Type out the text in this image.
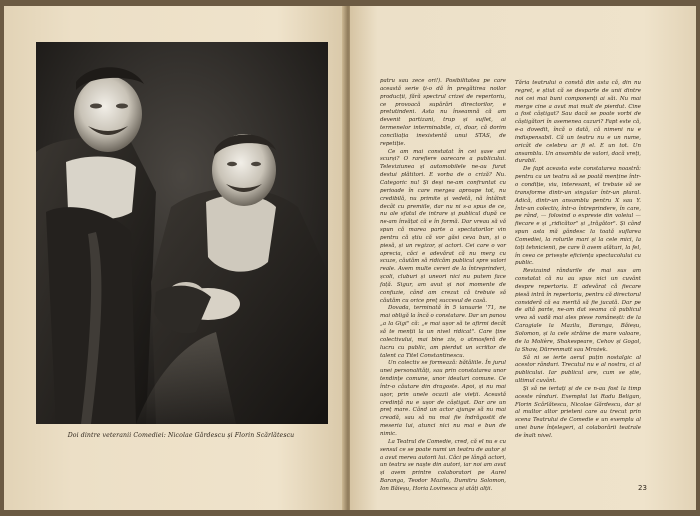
Doi dintre veteranii Comediei: Nicolae Gărdescu și Florin Scărlătescu

patru sau zece ori!). Posibilitatea pe care această serie ți-o dă în pregătirea noilor producții, fără spectrul crizei de repertoriu, ce provoacă supărări directorilor, e pretutindeni. Asta nu înseamnă că am devenit partizani, trup și suflet, ai termenelor interminabile, ci, doar, că dorim conciliația inexistentă unui STAS, de repetiție.

Ce am mai constatat în cei șase ani scurși? O rarefiere oarecare a publicului. Televiziunea și automobilele ne-au furat destui plătitori. E vorba de o criză? Nu. Categoric nu! Și deși ne-am confruntat cu perioade în care mergea aproape tot, nu credibilă, nu primite și vedetă, nă întâlnit decât cu premiile, dar nu ni s-a spus de ce, nu ale sfatul de intrare și publicul după ce ne-am învățat că e în formă. Dar vreau să vă spun că marea parte a spectatorilor vin pentru că știu că vor găsi ceva bun, și o piesă, și un regizor, și actori. Cei care o vor aprecia, căci e adevărat că nu merg cu scuze, căutăm să ridicăm publicul spre valori reale. Avem multe cereri de la întreprinderi, școli, cluburi și uneori nici nu putem face față. Sigur, am avut și noi momente de confuzie, când am crezut că trebuie să căutăm cu orice preț succesul de casă.

Dovada, terminată în 5 ianuarie '71, ne mai obligă la încă o constatare. Dar un panou „a la Gigi" că: „e mai ușor să te afirmi decât să te menții la un nivel ridicat". Care ține colectivului, mai bine zis, o atmosferă de lucru cu public, am pierdut un scriitor de talent ca Titel Constantinescu.

Un colectiv se formează: bătăliile. În jurul unei personalități, sau prin constatarea unor tendințe comune, unor idealuri comune. Ce într-o căutare din dragoste. Apoi, și nu mai ușor, prin unele ocazii ale vieții. Această credință nu e ușor de câștigat. Dar are un preț mare. Când un actor ajunge să nu mai creadă, sau să nu mai fie îndrăgostit de meseria lui, atunci nici nu mai e bun de nimic.

La Teatrul de Comedie, cred, că el nu e cu sensul ce se poate numi un teatru de autor și a avut mereu autorii lui. Căci pe lângă actori, un teatru se naște din autori, iar noi am avut și avem printre colaboratori pe Aurel Baranga, Teodor Mazilu, Dumitru Solomon, Ion Băieșu, Horia Lovinescu și atâți alții.

Tăria teatrului o constă din asta că, din nu regret, e știut că se desparte de unii dintre noi cei mai buni componenți ai săi. Nu mai merge cine a avut mai mult de pierdut. Cine a fost câștigat? Sau dacă se poate vorbi de câștigători în asemenea cazuri? Fapt este că, e-a dovedit, încă o dată, că nimeni nu e indispensabil. Că un teatru nu e un nume, oricât de celebru ar fi el. E un tot. Un ansamblu. Un ansamblu de valori, dacă vreți, durabil.

De fapt aceasta este constatarea noastră: pentru ca un teatru să se poată menține într-o condiție, viu, interesant, el trebuie să se transforme dintr-un singular într-un plural. Adică, dintr-un ansamblu pentru X sau Y. Într-un colectiv, într-o întreprindere, în care, pe rând, — folosind o expresie din voleiul — fiecare e și „ridicător" și „trăgător". Și când spun asta mă gândesc la toată suflarea Comediei, la rolurile mari și la cele mici, la toți tehnicienii, pe care îi avem alături, la fel, în ceea ce privește eficiența spectacolului cu public.

Revizuind rândurile de mai sus am constatat că nu au spus nici un cuvânt despre repertoriu. E adevărat că fiecare piesă intră în repertoriu, pentru că directorul consideră că ea merită să fie jucată. Dar pe de altă parte, ne-am dat seama că publicul vrea să vadă mai ales piese românești: de la Caragiale la Mazilu, Baranga, Băieșu, Solomon, și la cele străine de mare valoare, de la Molière, Shakespeare, Cehov și Gogol, la Shaw, Dürrenmatt sau Mrożek.

Să ni se ierte aerul puțin nostalgic al acestor rânduri. Trecutul nu e al nostru, ci al publicului. Iar publicul are, cum se știe, ultimul cuvânt.

Și să ne iertați și de ce n-au fost la timp aceste rânduri. Exemplul lui Radu Beligan, Florin Scărlătescu, Nicolae Gărdescu, dar și al multor altor prieteni care au trecut prin scena Teatrului de Comedie e un exemplu al unei bune înțelegeri, al colaborării teatrale de înalt nivel.

23
